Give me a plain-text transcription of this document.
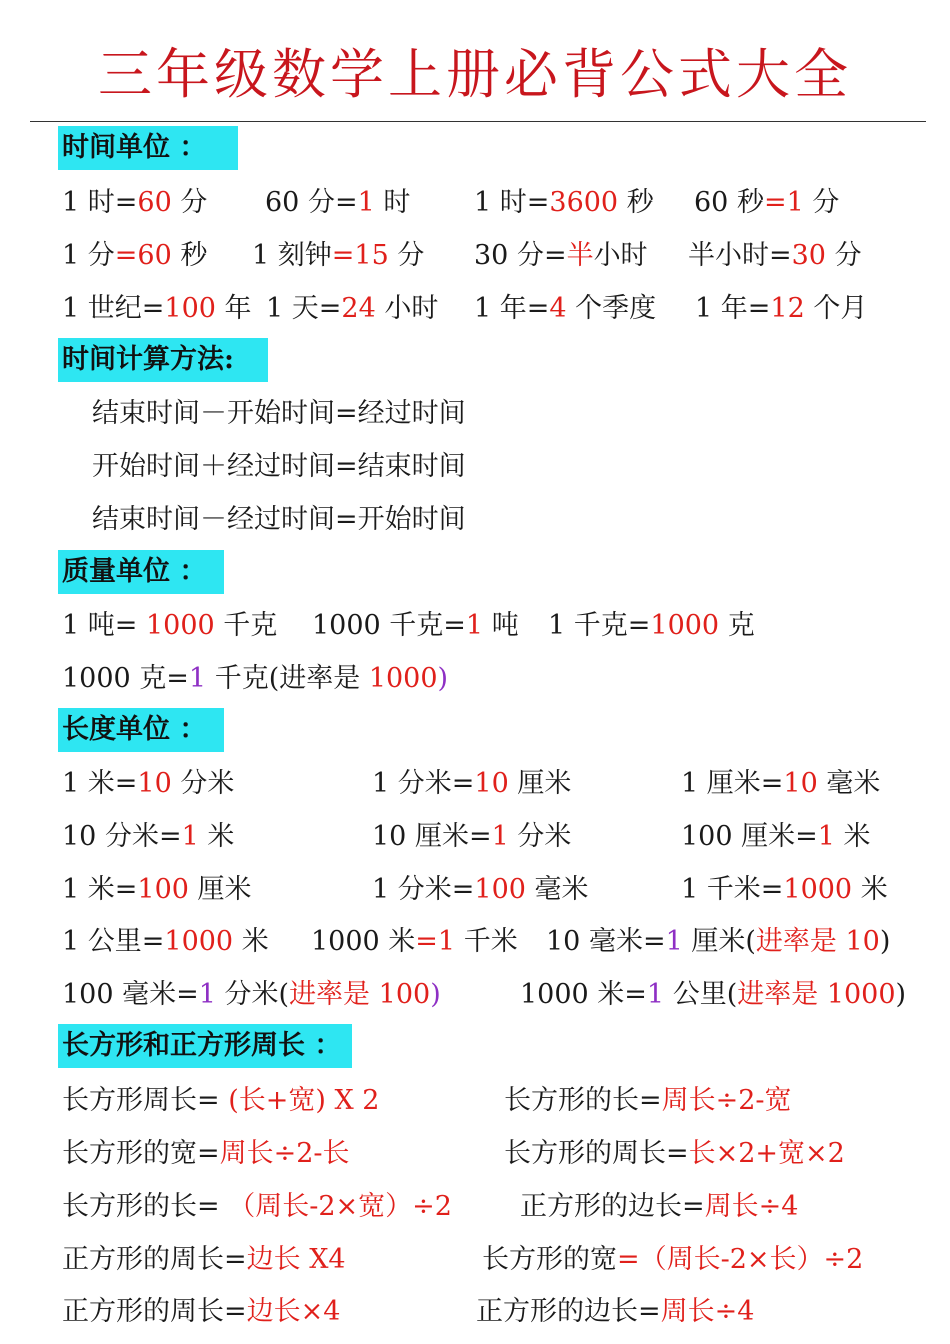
三年级数学上册必背公式大全
时间单位 ：
1 时=60 分 60 分=1 时 1 时=3600 秒 60 秒=1 分
1 分=60 秒 1 刻钟=15 分 30 分=半小时 半小时=30 分
1 世纪=100 年 1 天=24 小时 1 年=4 个季度 1 年=12 个月
时间计算方法:
结束时间－开始时间=经过时间
开始时间＋经过时间=结束时间
结束时间－经过时间=开始时间
质量单位 ：
1 吨= 1000 千克 1000 千克=1 吨 1 千克=1000 克
1000 克=1 千克(进率是 1000)
长度单位 ：
1 米=10 分米	1 分米=10 厘米	1 厘米=10 毫米
10 分米=1 米	10 厘米=1 分米	100 厘米=1 米
1 米=100 厘米	1 分米=100 毫米	1 千米=1000 米
1 公里=1000 米 1000 米=1 千米 10 毫米=1 厘米(进率是 10)
100 毫米=1 分米(进率是 100)	1000 米=1 公里(进率是 1000)
长方形和正方形周长 ：
长方形周长= (长+宽) X 2	长方形的长=周长÷2-宽
长方形的宽=周长÷2-长	长方形的周长=长×2+宽×2
长方形的长= （周长-2×宽）÷2	正方形的边长=周长÷4
正方形的周长=边长 X4	长方形的宽=（周长-2×长）÷2
正方形的周长=边长×4	正方形的边长=周长÷4
